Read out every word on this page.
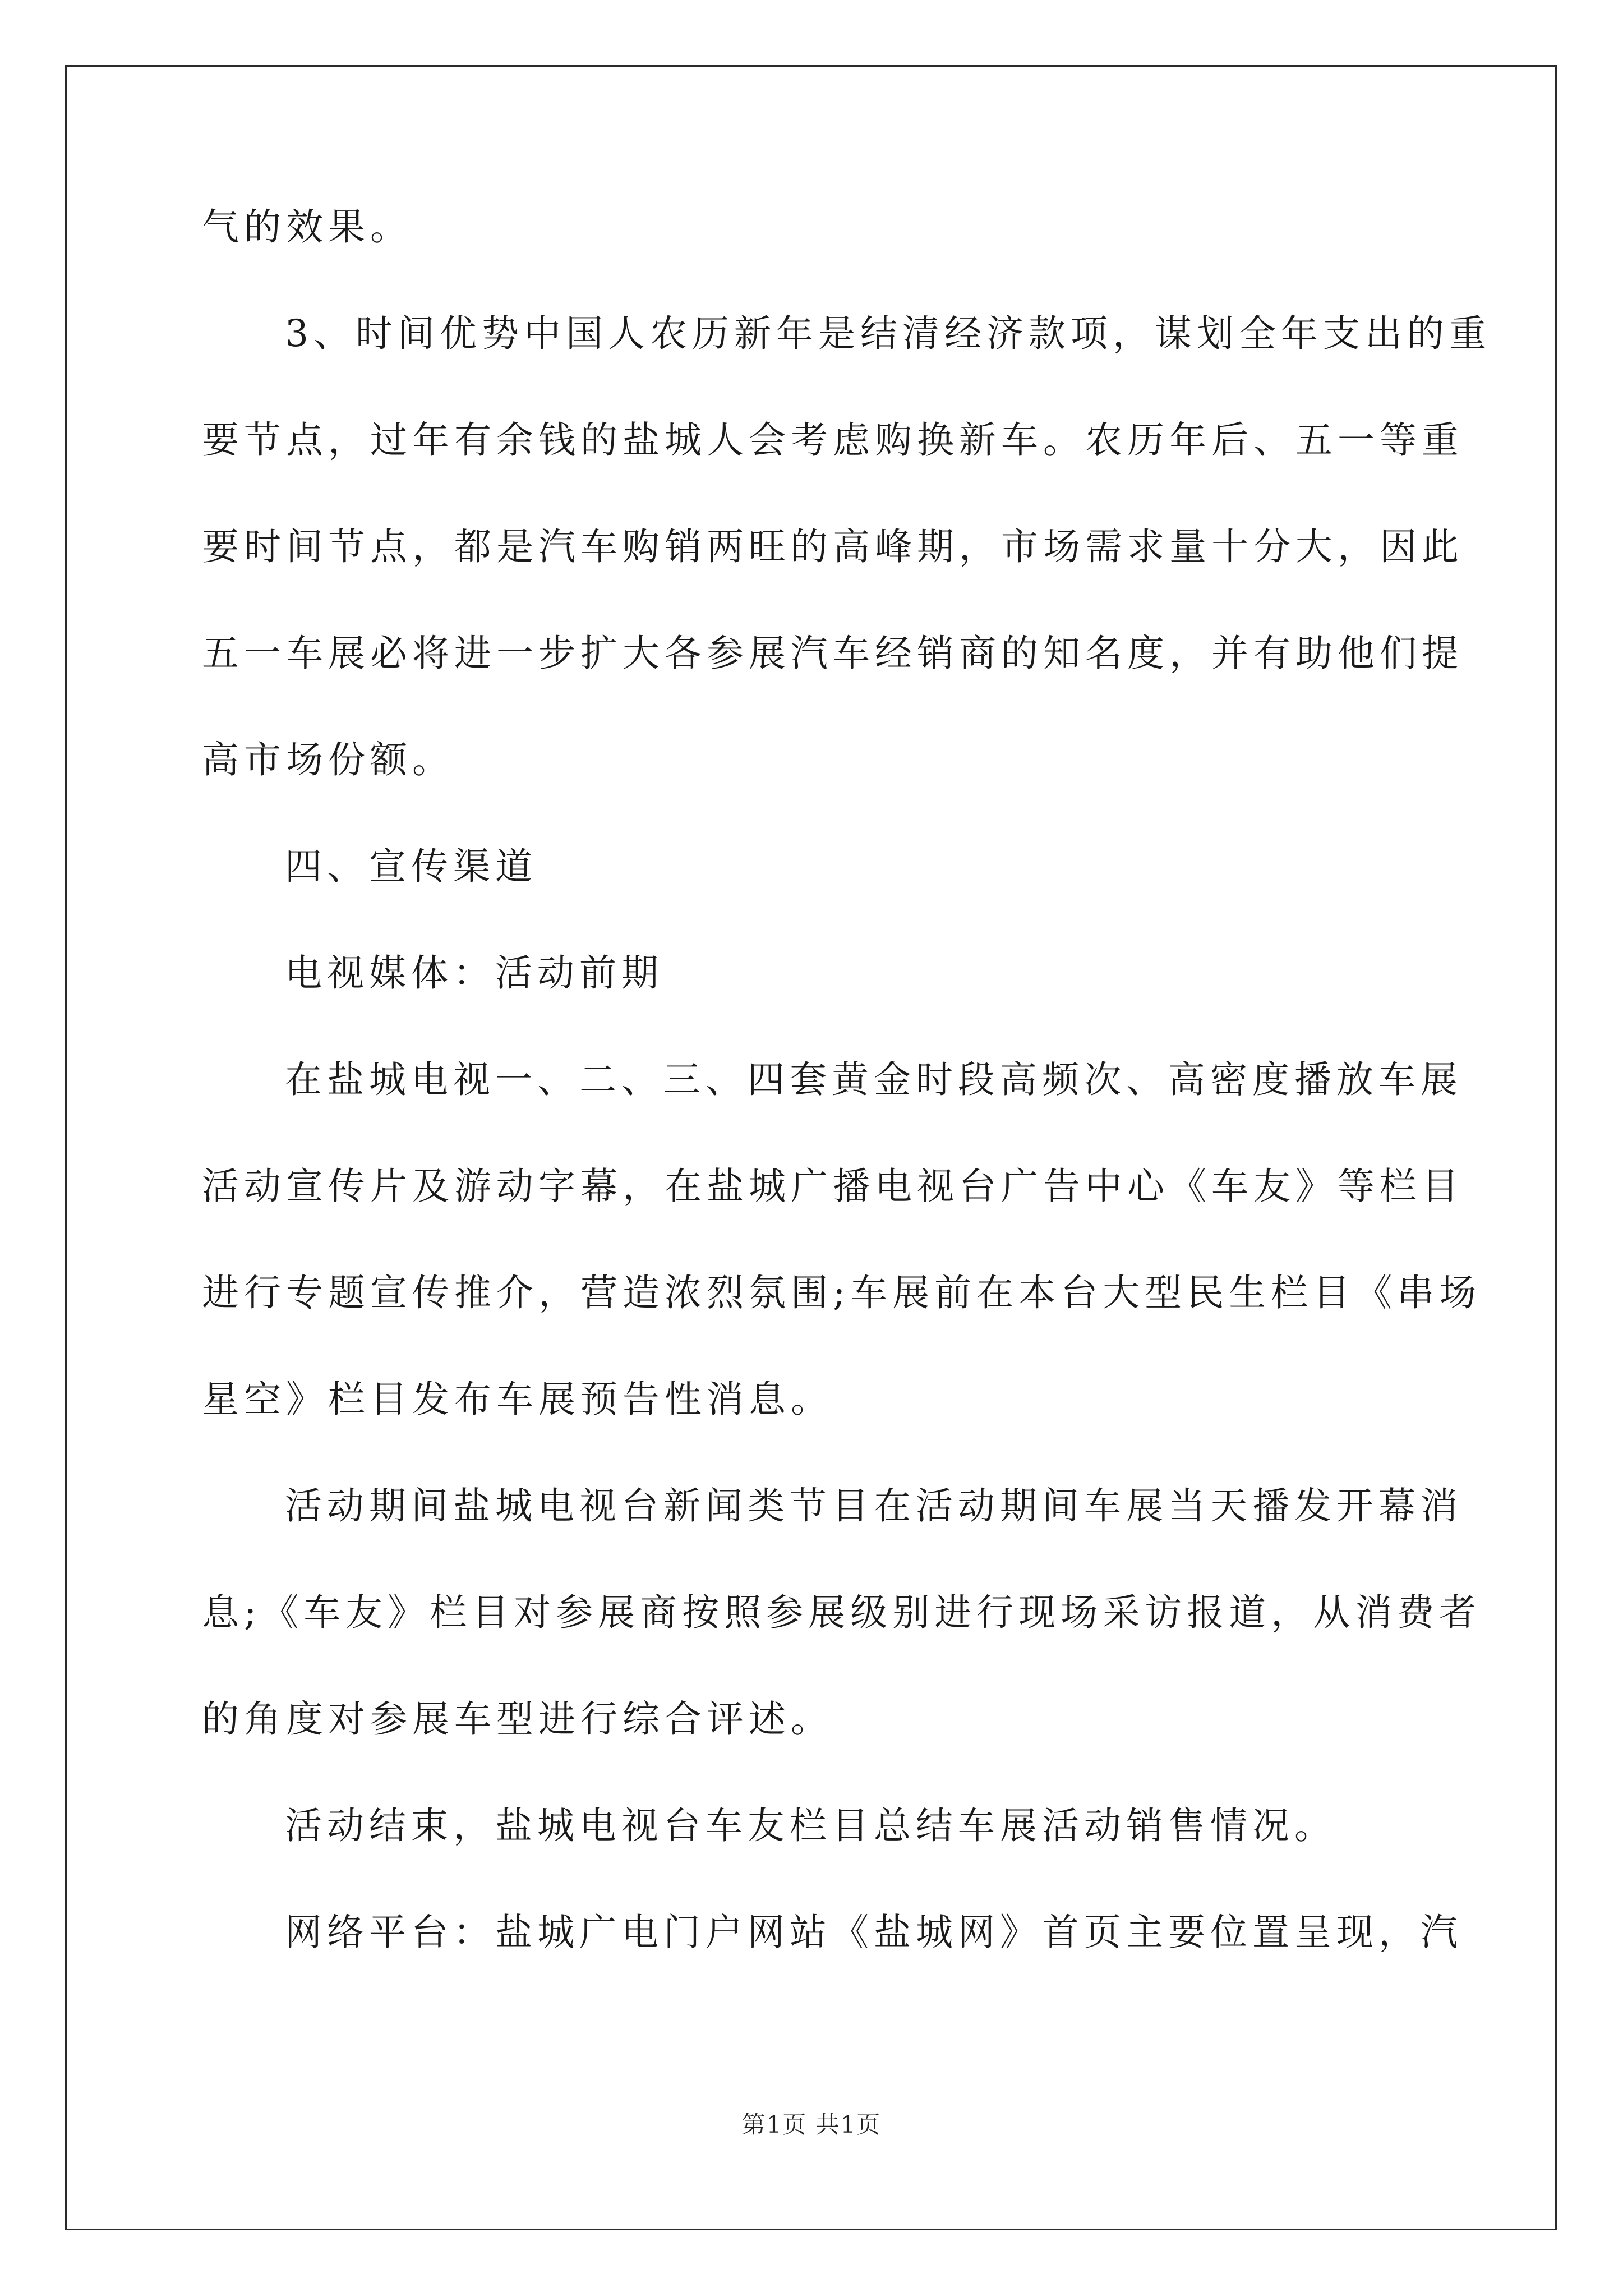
气的效果。
3、时间优势中国人农历新年是结清经济款项，谋划全年支出的重
要节点，过年有余钱的盐城人会考虑购换新车。农历年后、五一等重
要时间节点，都是汽车购销两旺的高峰期，市场需求量十分大，因此
五一车展必将进一步扩大各参展汽车经销商的知名度，并有助他们提
高市场份额。
四、宣传渠道
电视媒体：活动前期
在盐城电视一、二、三、四套黄金时段高频次、高密度播放车展
活动宣传片及游动字幕，在盐城广播电视台广告中心《车友》等栏目
进行专题宣传推介，营造浓烈氛围;车展前在本台大型民生栏目《串场
星空》栏目发布车展预告性消息。
活动期间盐城电视台新闻类节目在活动期间车展当天播发开幕消
息;《车友》栏目对参展商按照参展级别进行现场采访报道，从消费者
的角度对参展车型进行综合评述。
活动结束，盐城电视台车友栏目总结车展活动销售情况。
网络平台：盐城广电门户网站《盐城网》首页主要位置呈现，汽
第1页 共1页
